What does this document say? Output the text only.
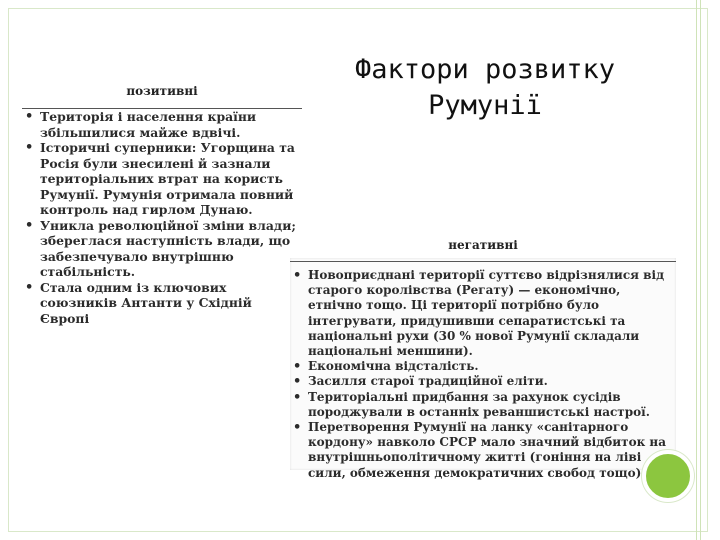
Фактори розвитку
Румунії
позитивні
• Територія і населення країни збільшилися майже вдвічі.
• Історичні суперники: Угорщина та Росія були знесилені й зазнали територіальних втрат на користь Румунії. Румунія отримала повний контроль над гирлом Дунаю.
• Уникла революційної зміни влади; збереглася наступність влади, що забезпечувало внутрішню стабільність.
• Стала одним із ключових союзників Антанти у Східній Європі
негативні
• Новоприєднані території суттєво відрізнялися від старого королівства (Регату) — економічно, етнічно тощо. Ці території потрібно було інтегрувати, придушивши сепаратистські та національні рухи (30 % нової Румунії складали національні меншини).
• Економічна відсталість.
• Засилля старої традиційної еліти.
• Територіальні придбання за рахунок сусідів породжували в останніх реваншистські настрої.
• Перетворення Румунії на ланку «санітарного кордону» навколо СРСР мало значний відбиток на внутрішньополітичному житті (гоніння на ліві сили, обмеження демократичних свобод тощо)
